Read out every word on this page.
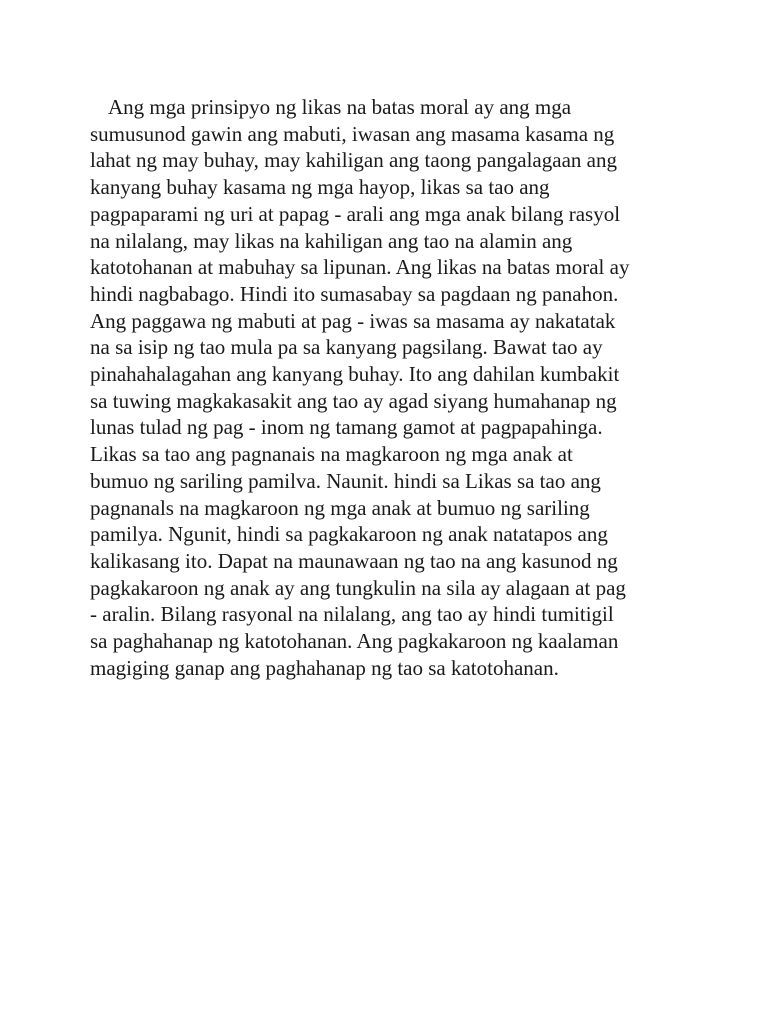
Ang mga prinsipyo ng likas na batas moral ay ang mga
sumusunod gawin ang mabuti, iwasan ang masama kasama ng
lahat ng may buhay, may kahiligan ang taong pangalagaan ang
kanyang buhay kasama ng mga hayop, likas sa tao ang
pagpaparami ng uri at papag - arali ang mga anak bilang rasyol
na nilalang, may likas na kahiligan ang tao na alamin ang
katotohanan at mabuhay sa lipunan. Ang likas na batas moral ay
hindi nagbabago. Hindi ito sumasabay sa pagdaan ng panahon.
Ang paggawa ng mabuti at pag - iwas sa masama ay nakatatak
na sa isip ng tao mula pa sa kanyang pagsilang. Bawat tao ay
pinahahalagahan ang kanyang buhay. Ito ang dahilan kumbakit
sa tuwing magkakasakit ang tao ay agad siyang humahanap ng
lunas tulad ng pag - inom ng tamang gamot at pagpapahinga.
Likas sa tao ang pagnanais na magkaroon ng mga anak at
bumuo ng sariling pamilva. Naunit. hindi sa Likas sa tao ang
pagnanals na magkaroon ng mga anak at bumuo ng sariling
pamilya. Ngunit, hindi sa pagkakaroon ng anak natatapos ang
kalikasang ito. Dapat na maunawaan ng tao na ang kasunod ng
pagkakaroon ng anak ay ang tungkulin na sila ay alagaan at pag
- aralin. Bilang rasyonal na nilalang, ang tao ay hindi tumitigil
sa paghahanap ng katotohanan. Ang pagkakaroon ng kaalaman
magiging ganap ang paghahanap ng tao sa katotohanan.
